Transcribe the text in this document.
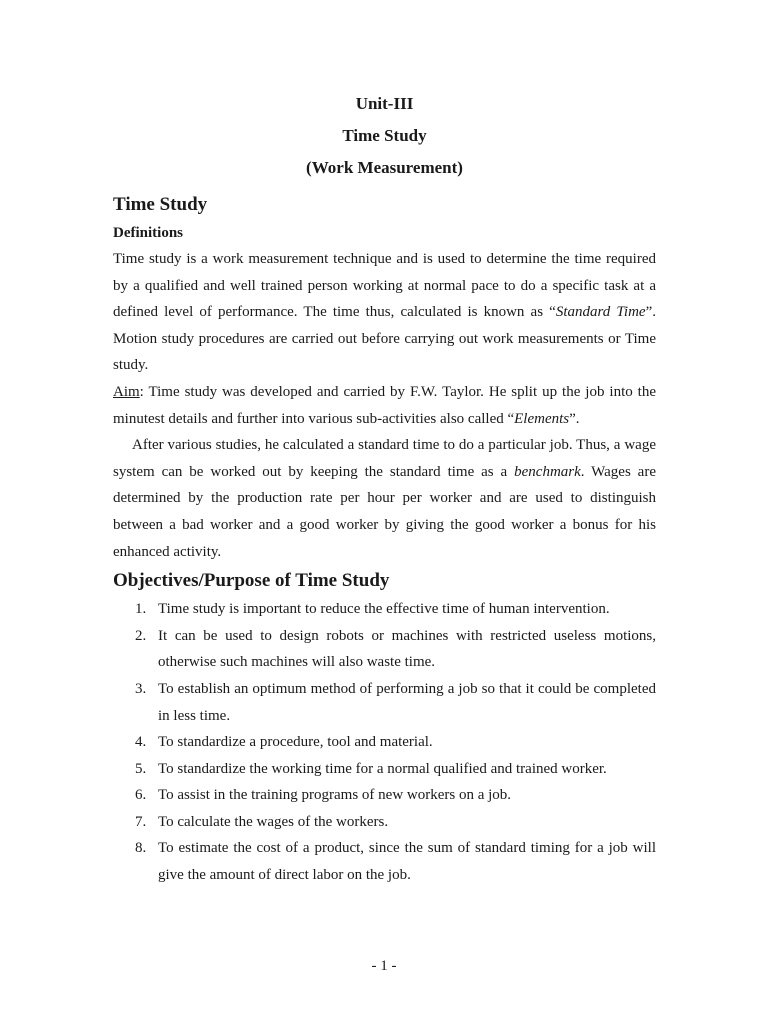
Unit-III
Time Study
(Work Measurement)
Time Study
Definitions

Time study is a work measurement technique and is used to determine the time required by a qualified and well trained person working at normal pace to do a specific task at a defined level of performance. The time thus, calculated is known as “Standard Time”. Motion study procedures are carried out before carrying out work measurements or Time study.

Aim: Time study was developed and carried by F.W. Taylor. He split up the job into the minutest details and further into various sub-activities also called “Elements”.

After various studies, he calculated a standard time to do a particular job. Thus, a wage system can be worked out by keeping the standard time as a benchmark. Wages are determined by the production rate per hour per worker and are used to distinguish between a bad worker and a good worker by giving the good worker a bonus for his enhanced activity.

Objectives/Purpose of Time Study
1. Time study is important to reduce the effective time of human intervention.
2. It can be used to design robots or machines with restricted useless motions, otherwise such machines will also waste time.
3. To establish an optimum method of performing a job so that it could be completed in less time.
4. To standardize a procedure, tool and material.
5. To standardize the working time for a normal qualified and trained worker.
6. To assist in the training programs of new workers on a job.
7. To calculate the wages of the workers.
8. To estimate the cost of a product, since the sum of standard timing for a job will give the amount of direct labor on the job.
- 1 -
